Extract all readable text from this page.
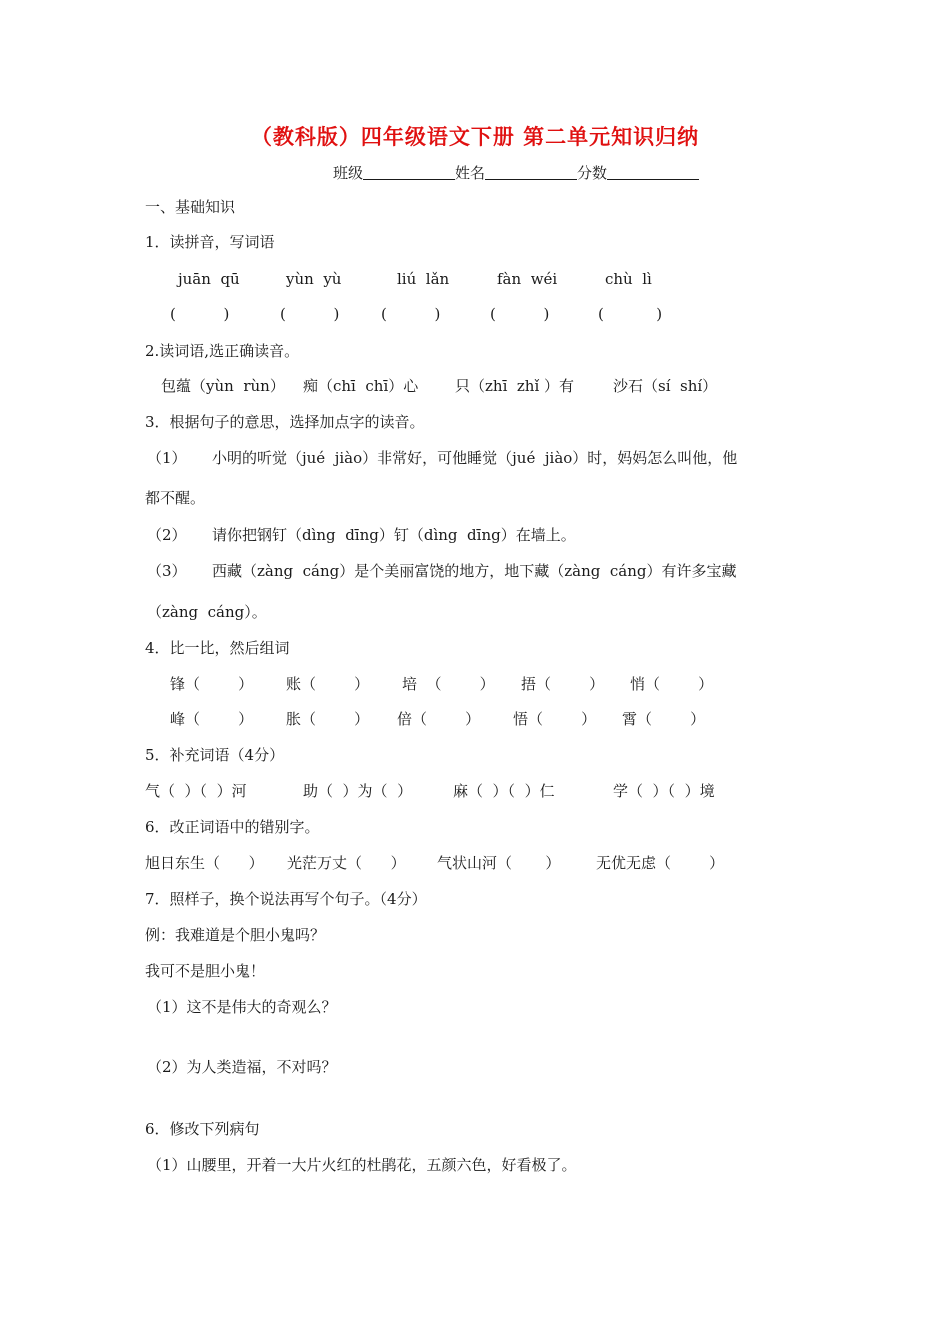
（教科版）四年级语文下册 第二单元知识归纳
班级	姓名	分数
一、基础知识
1．读拼音，写词语
juān  qū	yùn  yù	liú  lǎn	fàn  wéi	chù  lì
(          )	(          )	(          )	(          )	(           )
2.读词语,选正确读音。
包蕴（yùn  rùn） 痴（chī  chī）心 只（zhī  zhǐ ）有	沙石（sí  shí）
3．根据句子的意思，选择加点字的读音。
（1） 小明的听觉（jué  jiào）非常好，可他睡觉（jué  jiào）时，妈妈怎么叫他，他
都不醒。
（2） 请你把钢钉（dìng  dīng）钉（dìng  dīng）在墙上。
（3） 西藏（zàng  cáng）是个美丽富饶的地方，地下藏（zàng  cáng）有许多宝藏
（zàng  cáng）。
4．比一比，然后组词
锋（        ） 账（        ） 培  （        ） 捂（        ） 悄（        ）
峰（        ） 胀（        ） 倍（        ） 悟（        ） 霄（        ）
5．补充词语（4分）
气（  ）（  ）河	助（  ）为（  ）	麻（  ）（  ）仁	学（  ）（  ）境
6．改正词语中的错别字。
旭日东生（      ） 光茫万丈（      ） 气状山河（       ） 无优无虑（        ）
7．照样子，换个说法再写个句子。（4分）
例：我难道是个胆小鬼吗？
我可不是胆小鬼！
（1）这不是伟大的奇观么？
（2）为人类造福，不对吗？
6．修改下列病句
（1）山腰里，开着一大片火红的杜鹃花，五颜六色，好看极了。
